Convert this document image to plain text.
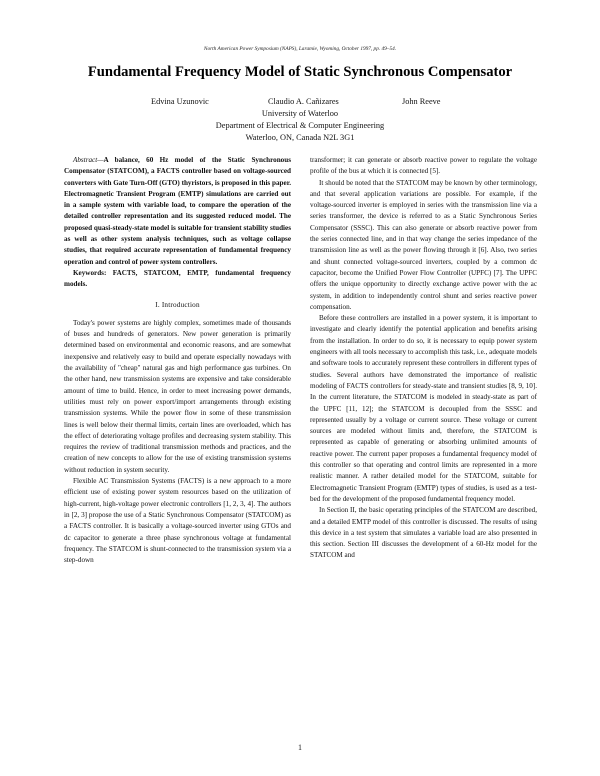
North American Power Symposium (NAPS), Laramie, Wyoming, October 1997, pp. 49–54.
Fundamental Frequency Model of Static Synchronous Compensator
Edvina Uzunovic	Claudio A. Cañizares	John Reeve
University of Waterloo
Department of Electrical & Computer Engineering
Waterloo, ON, Canada N2L 3G1

Abstract—A balance, 60 Hz model of the Static Synchronous Compensator (STATCOM), a FACTS controller based on voltage-sourced converters with Gate Turn-Off (GTO) thyristors, is proposed in this paper. Electromagnetic Transient Program (EMTP) simulations are carried out in a sample system with variable load, to compare the operation of the detailed controller representation and its suggested reduced model. The proposed quasi-steady-state model is suitable for transient stability studies as well as other system analysis techniques, such as voltage collapse studies, that required accurate representation of fundamental frequency operation and control of power system controllers.

Keywords: FACTS, STATCOM, EMTP, fundamental frequency models.

I. Introduction

Today's power systems are highly complex, sometimes made of thousands of buses and hundreds of generators. New power generation is primarily determined based on environmental and economic reasons, and are somewhat inexpensive and relatively easy to build and operate especially nowadays with the availability of "cheap" natural gas and high performance gas turbines. On the other hand, new transmission systems are expensive and take considerable amount of time to build. Hence, in order to meet increasing power demands, utilities must rely on power export/import arrangements through existing transmission systems. While the power flow in some of these transmission lines is well below their thermal limits, certain lines are overloaded, which has the effect of deteriorating voltage profiles and decreasing system stability. This requires the review of traditional transmission methods and practices, and the creation of new concepts to allow for the use of existing transmission systems without reduction in system security.

Flexible AC Transmission Systems (FACTS) is a new approach to a more efficient use of existing power system resources based on the utilization of high-current, high-voltage power electronic controllers [1, 2, 3, 4]. The authors in [2, 3] propose the use of a Static Synchronous Compensator (STATCOM) as a FACTS controller. It is basically a voltage-sourced inverter using GTOs and dc capacitor to generate a three phase synchronous voltage at fundamental frequency. The STATCOM is shunt-connected to the transmission system via a step-down

transformer; it can generate or absorb reactive power to regulate the voltage profile of the bus at which it is connected [5].

It should be noted that the STATCOM may be known by other terminology, and that several application variations are possible. For example, if the voltage-sourced inverter is employed in series with the transmission line via a series transformer, the device is referred to as a Static Synchronous Series Compensator (SSSC). This can also generate or absorb reactive power from the series connected line, and in that way change the series impedance of the transmission line as well as the power flowing through it [6]. Also, two series and shunt connected voltage-sourced inverters, coupled by a common dc capacitor, become the Unified Power Flow Controller (UPFC) [7]. The UPFC offers the unique opportunity to directly exchange active power with the ac system, in addition to independently control shunt and series reactive power compensation.

Before these controllers are installed in a power system, it is important to investigate and clearly identify the potential application and benefits arising from the installation. In order to do so, it is necessary to equip power system engineers with all tools necessary to accomplish this task, i.e., adequate models and software tools to accurately represent these controllers in different types of studies. Several authors have demonstrated the importance of realistic modeling of FACTS controllers for steady-state and transient studies [8, 9, 10]. In the current literature, the STATCOM is modeled in steady-state as part of the UPFC [11, 12]; the STATCOM is decoupled from the SSSC and represented usually by a voltage or current source. These voltage or current sources are modeled without limits and, therefore, the STATCOM is represented as capable of generating or absorbing unlimited amounts of reactive power. The current paper proposes a fundamental frequency model of this controller so that operating and control limits are represented in a more realistic manner. A rather detailed model for the STATCOM, suitable for Electromagnetic Transient Program (EMTP) types of studies, is used as a test-bed for the development of the proposed fundamental frequency model.

In Section II, the basic operating principles of the STATCOM are described, and a detailed EMTP model of this controller is discussed. The results of using this device in a test system that simulates a variable load are also presented in this section. Section III discusses the development of a 60-Hz model for the STATCOM and

1
